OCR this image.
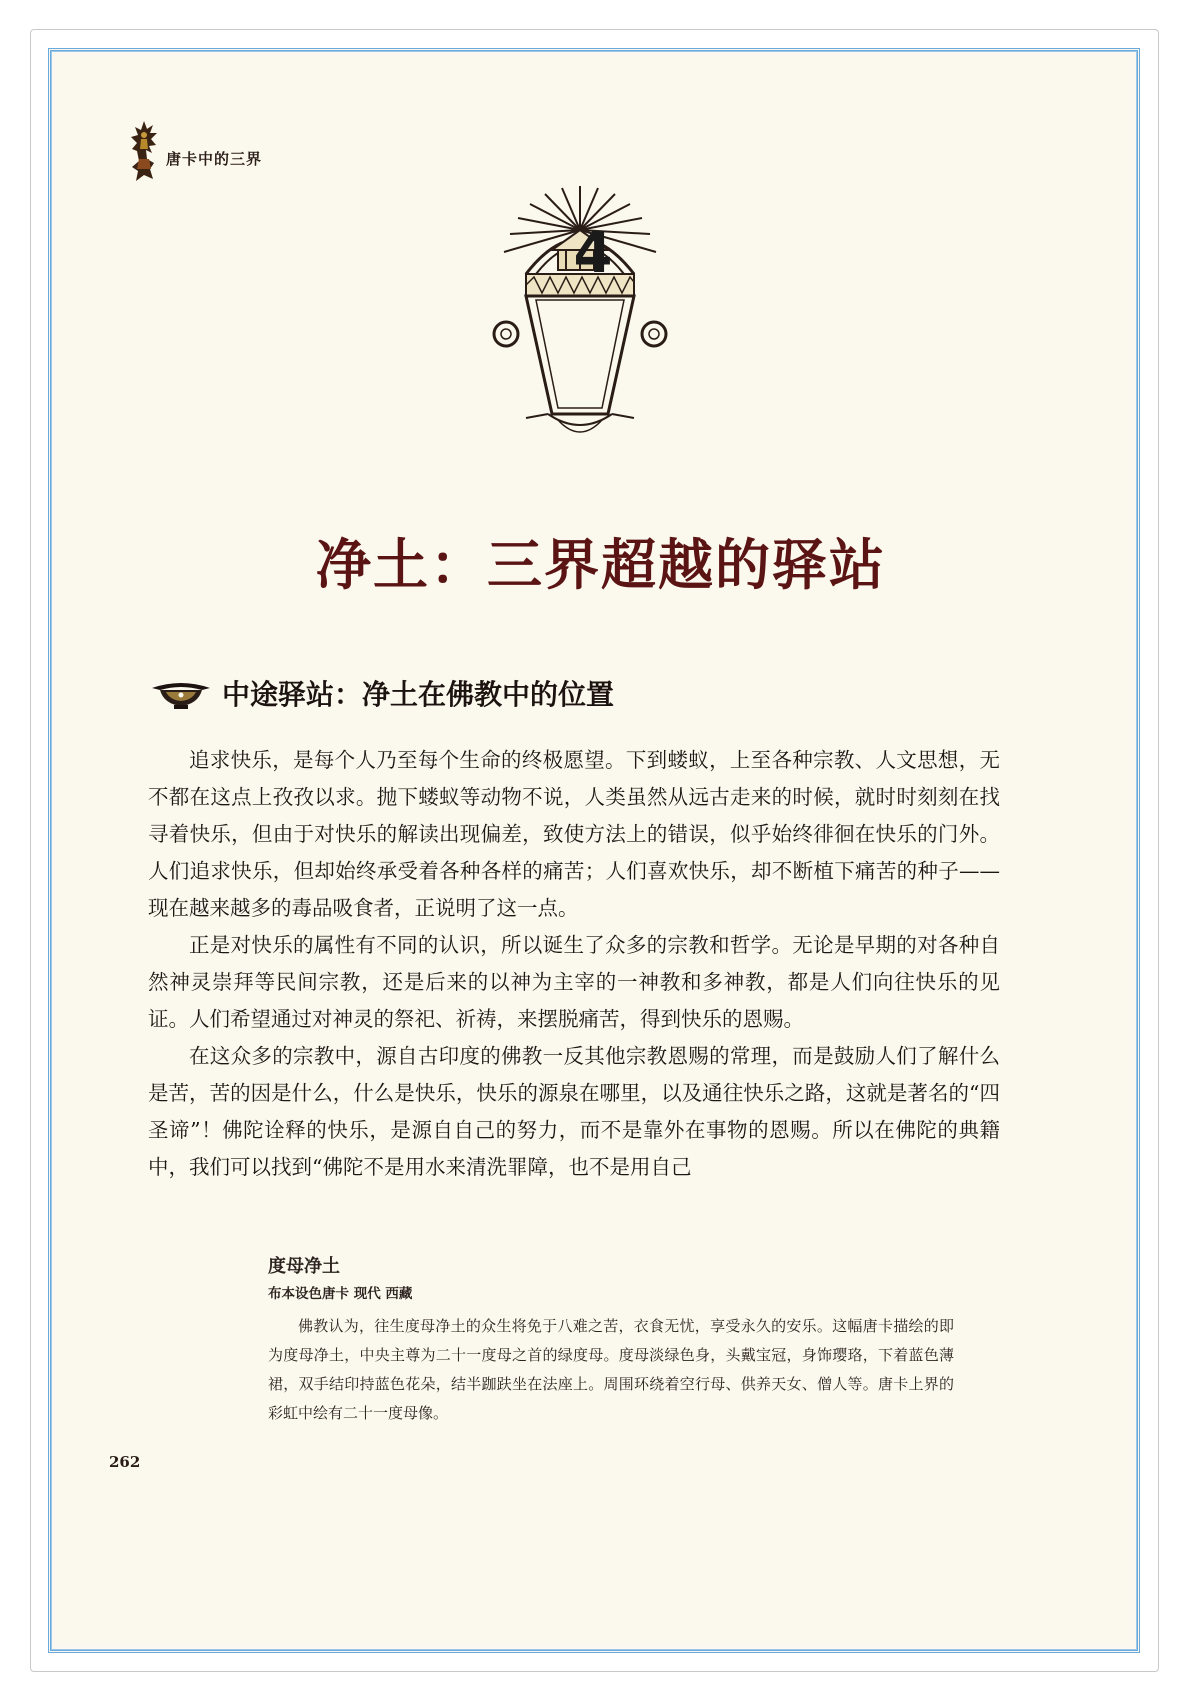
唐卡中的三界
4
净土：三界超越的驿站
中途驿站：净土在佛教中的位置

追求快乐，是每个人乃至每个生命的终极愿望。下到蝼蚁，上至各种宗教、人文思想，无不都在这点上孜孜以求。抛下蝼蚁等动物不说，人类虽然从远古走来的时候，就时时刻刻在找寻着快乐，但由于对快乐的解读出现偏差，致使方法上的错误，似乎始终徘徊在快乐的门外。人们追求快乐，但却始终承受着各种各样的痛苦；人们喜欢快乐，却不断植下痛苦的种子——现在越来越多的毒品吸食者，正说明了这一点。

正是对快乐的属性有不同的认识，所以诞生了众多的宗教和哲学。无论是早期的对各种自然神灵崇拜等民间宗教，还是后来的以神为主宰的一神教和多神教，都是人们向往快乐的见证。人们希望通过对神灵的祭祀、祈祷，来摆脱痛苦，得到快乐的恩赐。

在这众多的宗教中，源自古印度的佛教一反其他宗教恩赐的常理，而是鼓励人们了解什么是苦，苦的因是什么，什么是快乐，快乐的源泉在哪里，以及通往快乐之路，这就是著名的“四圣谛”！佛陀诠释的快乐，是源自自己的努力，而不是靠外在事物的恩赐。所以在佛陀的典籍中，我们可以找到“佛陀不是用水来清洗罪障，也不是用自己

度母净土
布本设色唐卡 现代 西藏
佛教认为，往生度母净土的众生将免于八难之苦，衣食无忧，享受永久的安乐。这幅唐卡描绘的即为度母净土，中央主尊为二十一度母之首的绿度母。度母淡绿色身，头戴宝冠，身饰璎珞，下着蓝色薄裙，双手结印持蓝色花朵，结半跏趺坐在法座上。周围环绕着空行母、供养天女、僧人等。唐卡上界的彩虹中绘有二十一度母像。
262
